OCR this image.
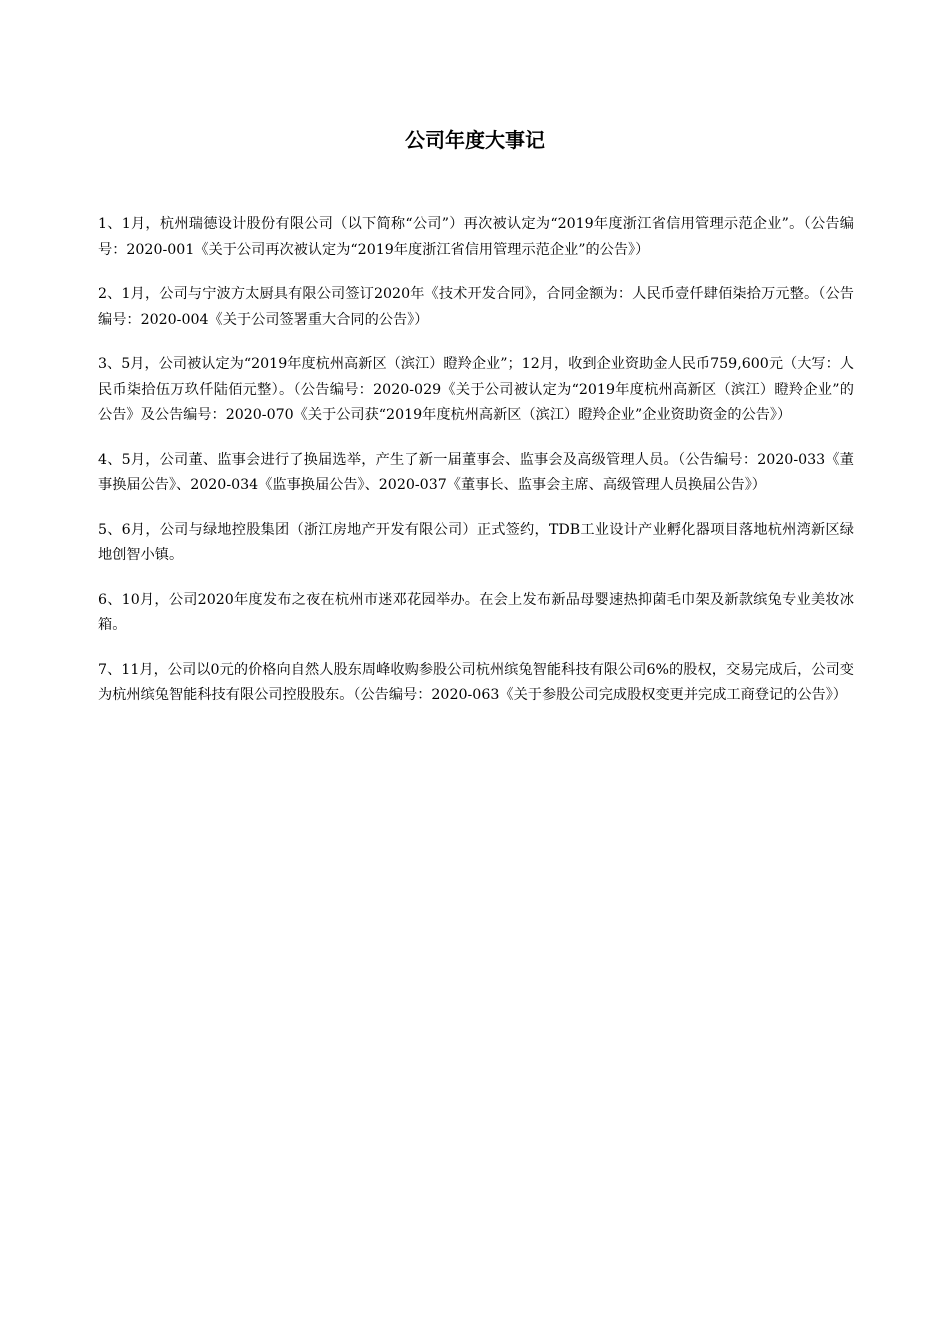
公司年度大事记
1、1月，杭州瑞德设计股份有限公司（以下简称“公司”）再次被认定为“2019年度浙江省信用管理示范企业”。（公告编号：2020-001《关于公司再次被认定为“2019年度浙江省信用管理示范企业”的公告》）
2、1月，公司与宁波方太厨具有限公司签订2020年《技术开发合同》，合同金额为：人民币壹仟肆佰柒拾万元整。（公告编号：2020-004《关于公司签署重大合同的公告》）
3、5月，公司被认定为“2019年度杭州高新区（滨江）瞪羚企业”；12月，收到企业资助金人民币759,600元（大写：人民币柒拾伍万玖仟陆佰元整）。（公告编号：2020-029《关于公司被认定为“2019年度杭州高新区（滨江）瞪羚企业”的公告》及公告编号：2020-070《关于公司获“2019年度杭州高新区（滨江）瞪羚企业”企业资助资金的公告》）
4、5月，公司董、监事会进行了换届选举，产生了新一届董事会、监事会及高级管理人员。（公告编号：2020-033《董事换届公告》、2020-034《监事换届公告》、2020-037《董事长、监事会主席、高级管理人员换届公告》）
5、6月，公司与绿地控股集团（浙江房地产开发有限公司）正式签约，TDB工业设计产业孵化器项目落地杭州湾新区绿地创智小镇。
6、10月，公司2020年度发布之夜在杭州市迷邓花园举办。在会上发布新品母婴速热抑菌毛巾架及新款缤兔专业美妆冰箱。
7、11月，公司以0元的价格向自然人股东周峰收购参股公司杭州缤兔智能科技有限公司6%的股权，交易完成后，公司变为杭州缤兔智能科技有限公司控股股东。（公告编号：2020-063《关于参股公司完成股权变更并完成工商登记的公告》）
